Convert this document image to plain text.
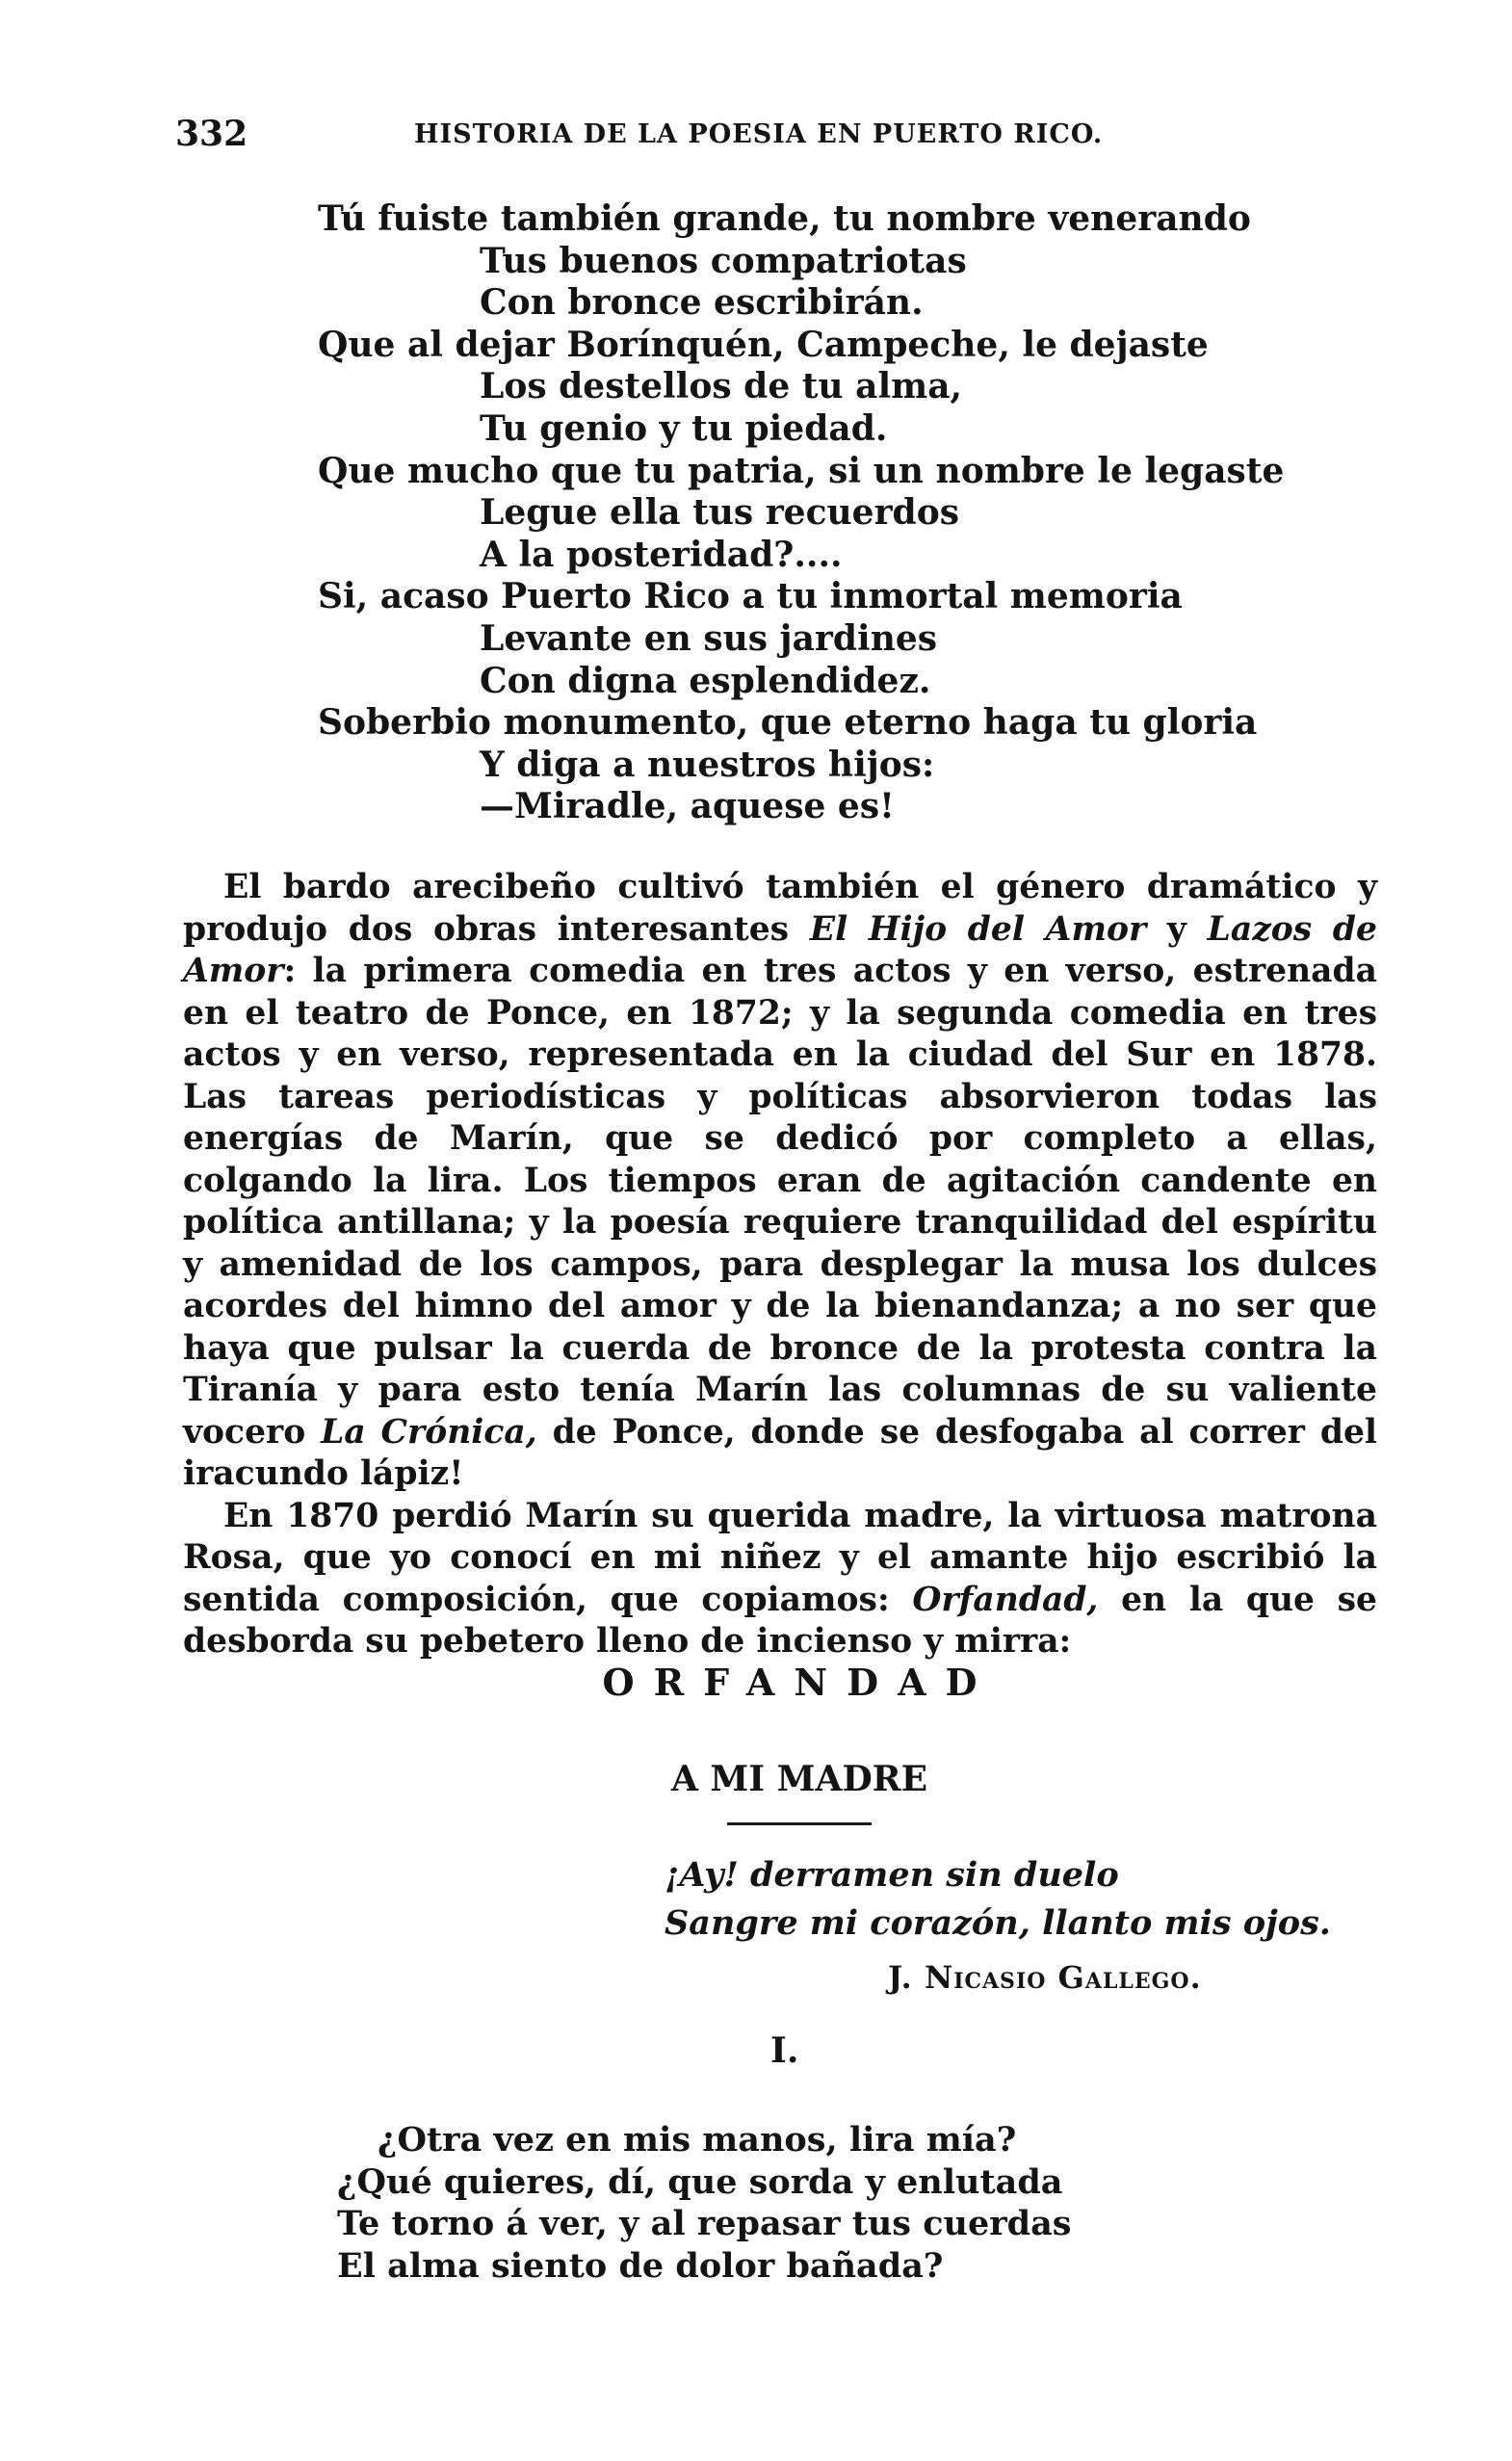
332	HISTORIA DE LA POESIA EN PUERTO RICO.
Tú fuiste también grande, tu nombre venerando
Tus buenos compatriotas
Con bronce escribirán.
Que al dejar Borínquén, Campeche, le dejaste
Los destellos de tu alma,
Tu genio y tu piedad.
Que mucho que tu patria, si un nombre le legaste
Legue ella tus recuerdos
A la posteridad?....
Si, acaso Puerto Rico a tu inmortal memoria
Levante en sus jardines
Con digna esplendidez.
Soberbio monumento, que eterno haga tu gloria
Y diga a nuestros hijos:
—Miradle, aquese es!

El bardo arecibeño cultivó también el género dramático y produjo dos obras interesantes El Hijo del Amor y Lazos de Amor: la primera comedia en tres actos y en verso, estrenada en el teatro de Ponce, en 1872; y la segunda comedia en tres actos y en verso, representada en la ciudad del Sur en 1878. Las tareas periodísticas y políticas absorvieron todas las energías de Marín, que se dedicó por completo a ellas, colgando la lira. Los tiempos eran de agitación candente en política antillana; y la poesía requiere tranquilidad del espíritu y amenidad de los campos, para desplegar la musa los dulces acordes del himno del amor y de la bienandanza; a no ser que haya que pulsar la cuerda de bronce de la protesta contra la Tiranía y para esto tenía Marín las columnas de su valiente vocero La Crónica, de Ponce, donde se desfogaba al correr del iracundo lápiz!

En 1870 perdió Marín su querida madre, la virtuosa matrona Rosa, que yo conocí en mi niñez y el amante hijo escribió la sentida composición, que copiamos: Orfandad, en la que se desborda su pebetero lleno de incienso y mirra:

ORFANDAD
A MI MADRE
¡Ay! derramen sin duelo
Sangre mi corazón, llanto mis ojos.
J. Nicasio Gallego.
I.
¿Otra vez en mis manos, lira mía?
¿Qué quieres, dí, que sorda y enlutada
Te torno á ver, y al repasar tus cuerdas
El alma siento de dolor bañada?
